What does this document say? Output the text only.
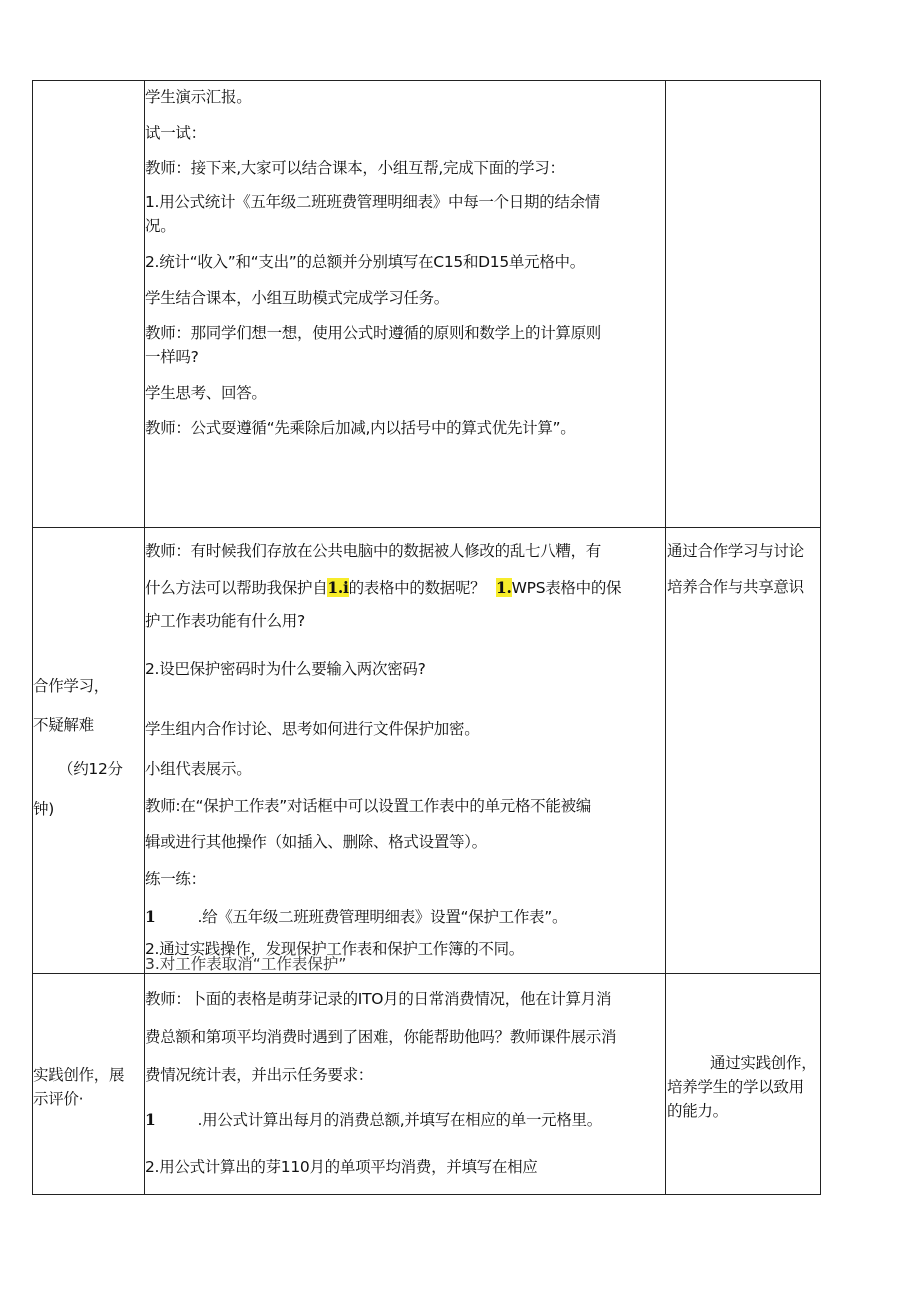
学生演示汇报。
试一试：
教师：接下来,大家可以结合课本，小组互帮,完成下面的学习：
1.用公式统计《五年级二班班费管理明细表》中每一个日期的结余情
况。
2.统计“收入”和“支出”的总额并分别填写在C15和D15单元格中。
学生结合课本，小组互助模式完成学习任务。
教师：那同学们想一想，使用公式时遵循的原则和数学上的计算原则
一样吗?
学生思考、回答。
教师：公式耍遵循“先乘除后加减,内以括号中的算式优先计算”。
合作学习，
不疑解难
（约12分
钟)
教师：有时候我们存放在公共电脑中的数据被人修改的乱七八糟，有
什么方法可以帮助我保护自1.i的表格中的数据呢？ 1.WPS表格中的保
护工作表功能有什么用?
2.设巴保护密码时为什么要输入两次密码?
学生组内合作讨论、思考如何进行文件保护加密。
小组代表展示。
教师:在“保护工作表”对话框中可以设置工作表中的单元格不能被编
辑或进行其他操作（如插入、删除、格式设置等）。
练一练：
1	.给《五年级二班班费管理明细表》设置“保护工作表”。
2.通过实践操作，发现保护工作表和保护工作簿的不同。
3.对工作表取消“工作表保护”
通过合作学习与讨论
培养合作与共享意识
实践创作，展
示评价·
教师：卜面的表格是萌芽记录的ITO月的日常消费情况，他在计算月消
费总额和第项平均消费时遇到了困难，你能帮助他吗？教师课件展示消
费情况统计表，并出示任务要求：
1	.用公式计算出每月的消费总额,并填写在相应的单一元格里。
2.用公式计算出的芽110月的单项平均消费，并填写在相应
通过实践创作，
培养学生的学以致用
的能力。
